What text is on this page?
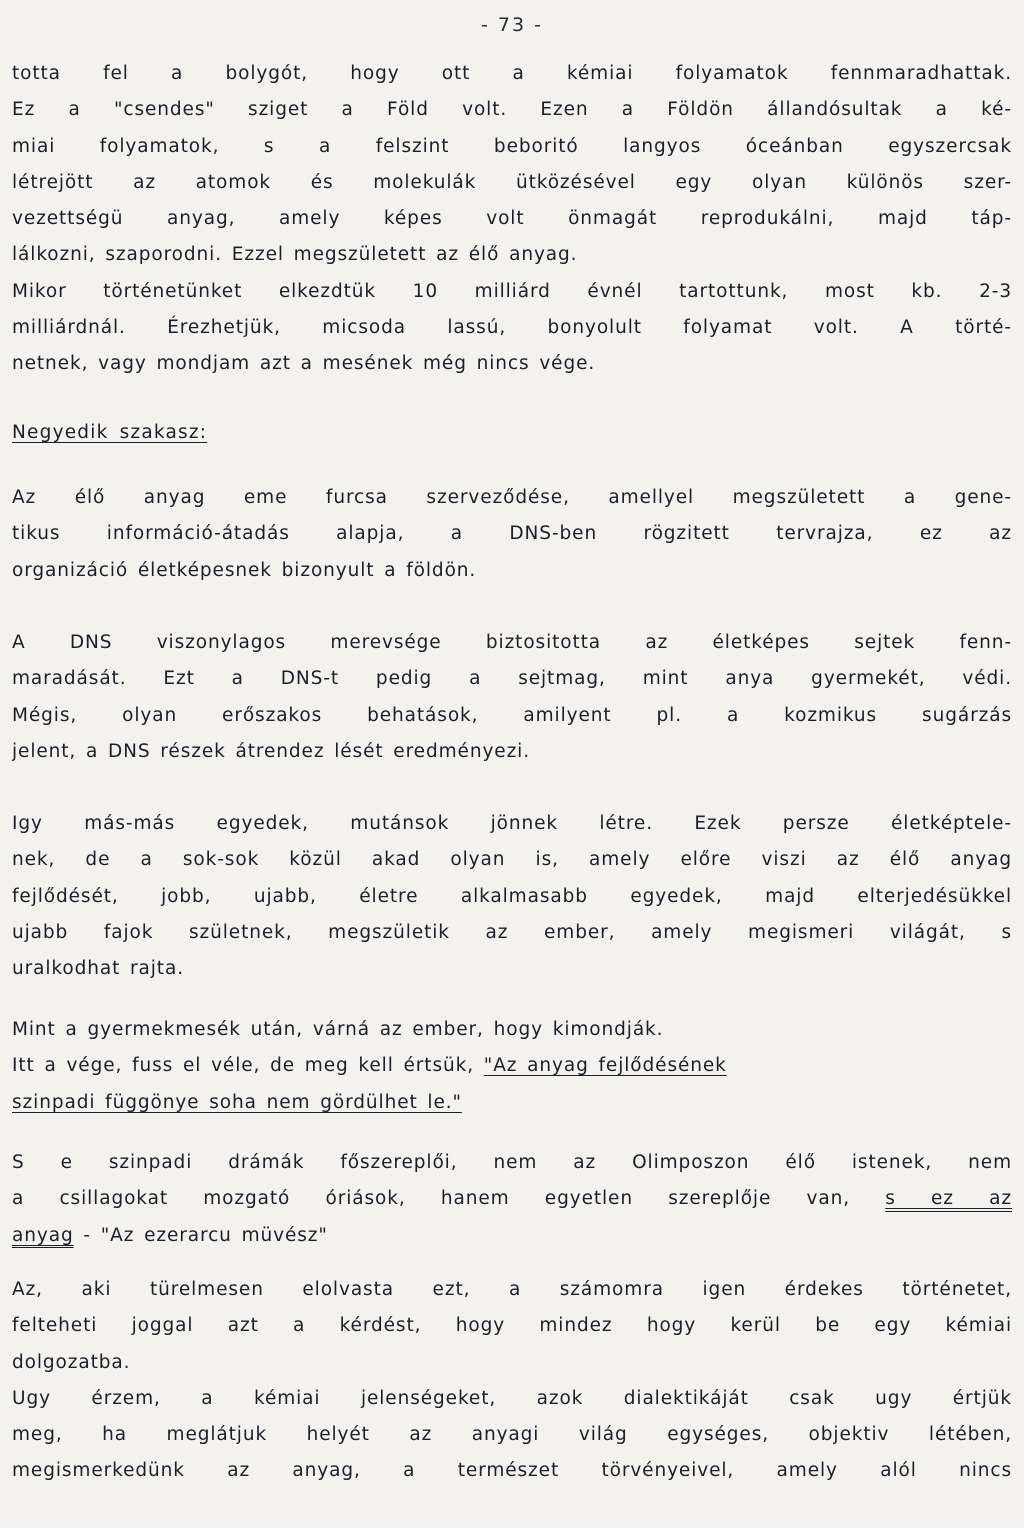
- 73 -
totta fel a bolygót, hogy ott a kémiai folyamatok fennmaradhattak.
Ez a "csendes" sziget a Föld volt. Ezen a Földön állandósultak a ké-
miai folyamatok, s a felszint beboritó langyos óceánban egyszercsak
létrejött az atomok és molekulák ütközésével egy olyan különös szer-
vezettségü anyag, amely képes volt önmagát reprodukálni, majd táp-
lálkozni, szaporodni. Ezzel megszületett az élő anyag.
Mikor történetünket elkezdtük 10 milliárd évnél tartottunk, most kb. 2-3
milliárdnál. Érezhetjük, micsoda lassú, bonyolult folyamat volt. A törté-
netnek, vagy mondjam azt a mesének még nincs vége.
Negyedik szakasz:
Az élő anyag eme furcsa szerveződése, amellyel megszületett a gene-
tikus információ-átadás alapja, a DNS-ben rögzitett tervrajza, ez az
organizáció életképesnek bizonyult a földön.
A DNS viszonylagos merevsége biztositotta az életképes sejtek fenn-
maradását. Ezt a DNS-t pedig a sejtmag, mint anya gyermekét, védi.
Mégis, olyan erőszakos behatások, amilyent pl. a kozmikus sugárzás
jelent, a DNS részek átrendez lését eredményezi.
Igy más-más egyedek, mutánsok jönnek létre. Ezek persze életképtele-
nek, de a sok-sok közül akad olyan is, amely előre viszi az élő anyag
fejlődését, jobb, ujabb, életre alkalmasabb egyedek, majd elterjedésükkel
ujabb fajok születnek, megszületik az ember, amely megismeri világát, s
uralkodhat rajta.
Mint a gyermekmesék után, várná az ember, hogy kimondják.
Itt a vége, fuss el véle, de meg kell értsük, "Az anyag fejlődésének
szinpadi függönye soha nem gördülhet le."
S e szinpadi drámák főszereplői, nem az Olimposzon élő istenek, nem
a csillagokat mozgató óriások, hanem egyetlen szereplője van, s ez az
anyag - "Az ezerarcu müvész"
Az, aki türelmesen elolvasta ezt, a számomra igen érdekes történetet,
felteheti joggal azt a kérdést, hogy mindez hogy kerül be egy kémiai
dolgozatba.
Ugy érzem, a kémiai jelenségeket, azok dialektikáját csak ugy értjük
meg, ha meglátjuk helyét az anyagi világ egységes, objektiv létében,
megismerkedünk az anyag, a természet törvényeivel, amely alól nincs
